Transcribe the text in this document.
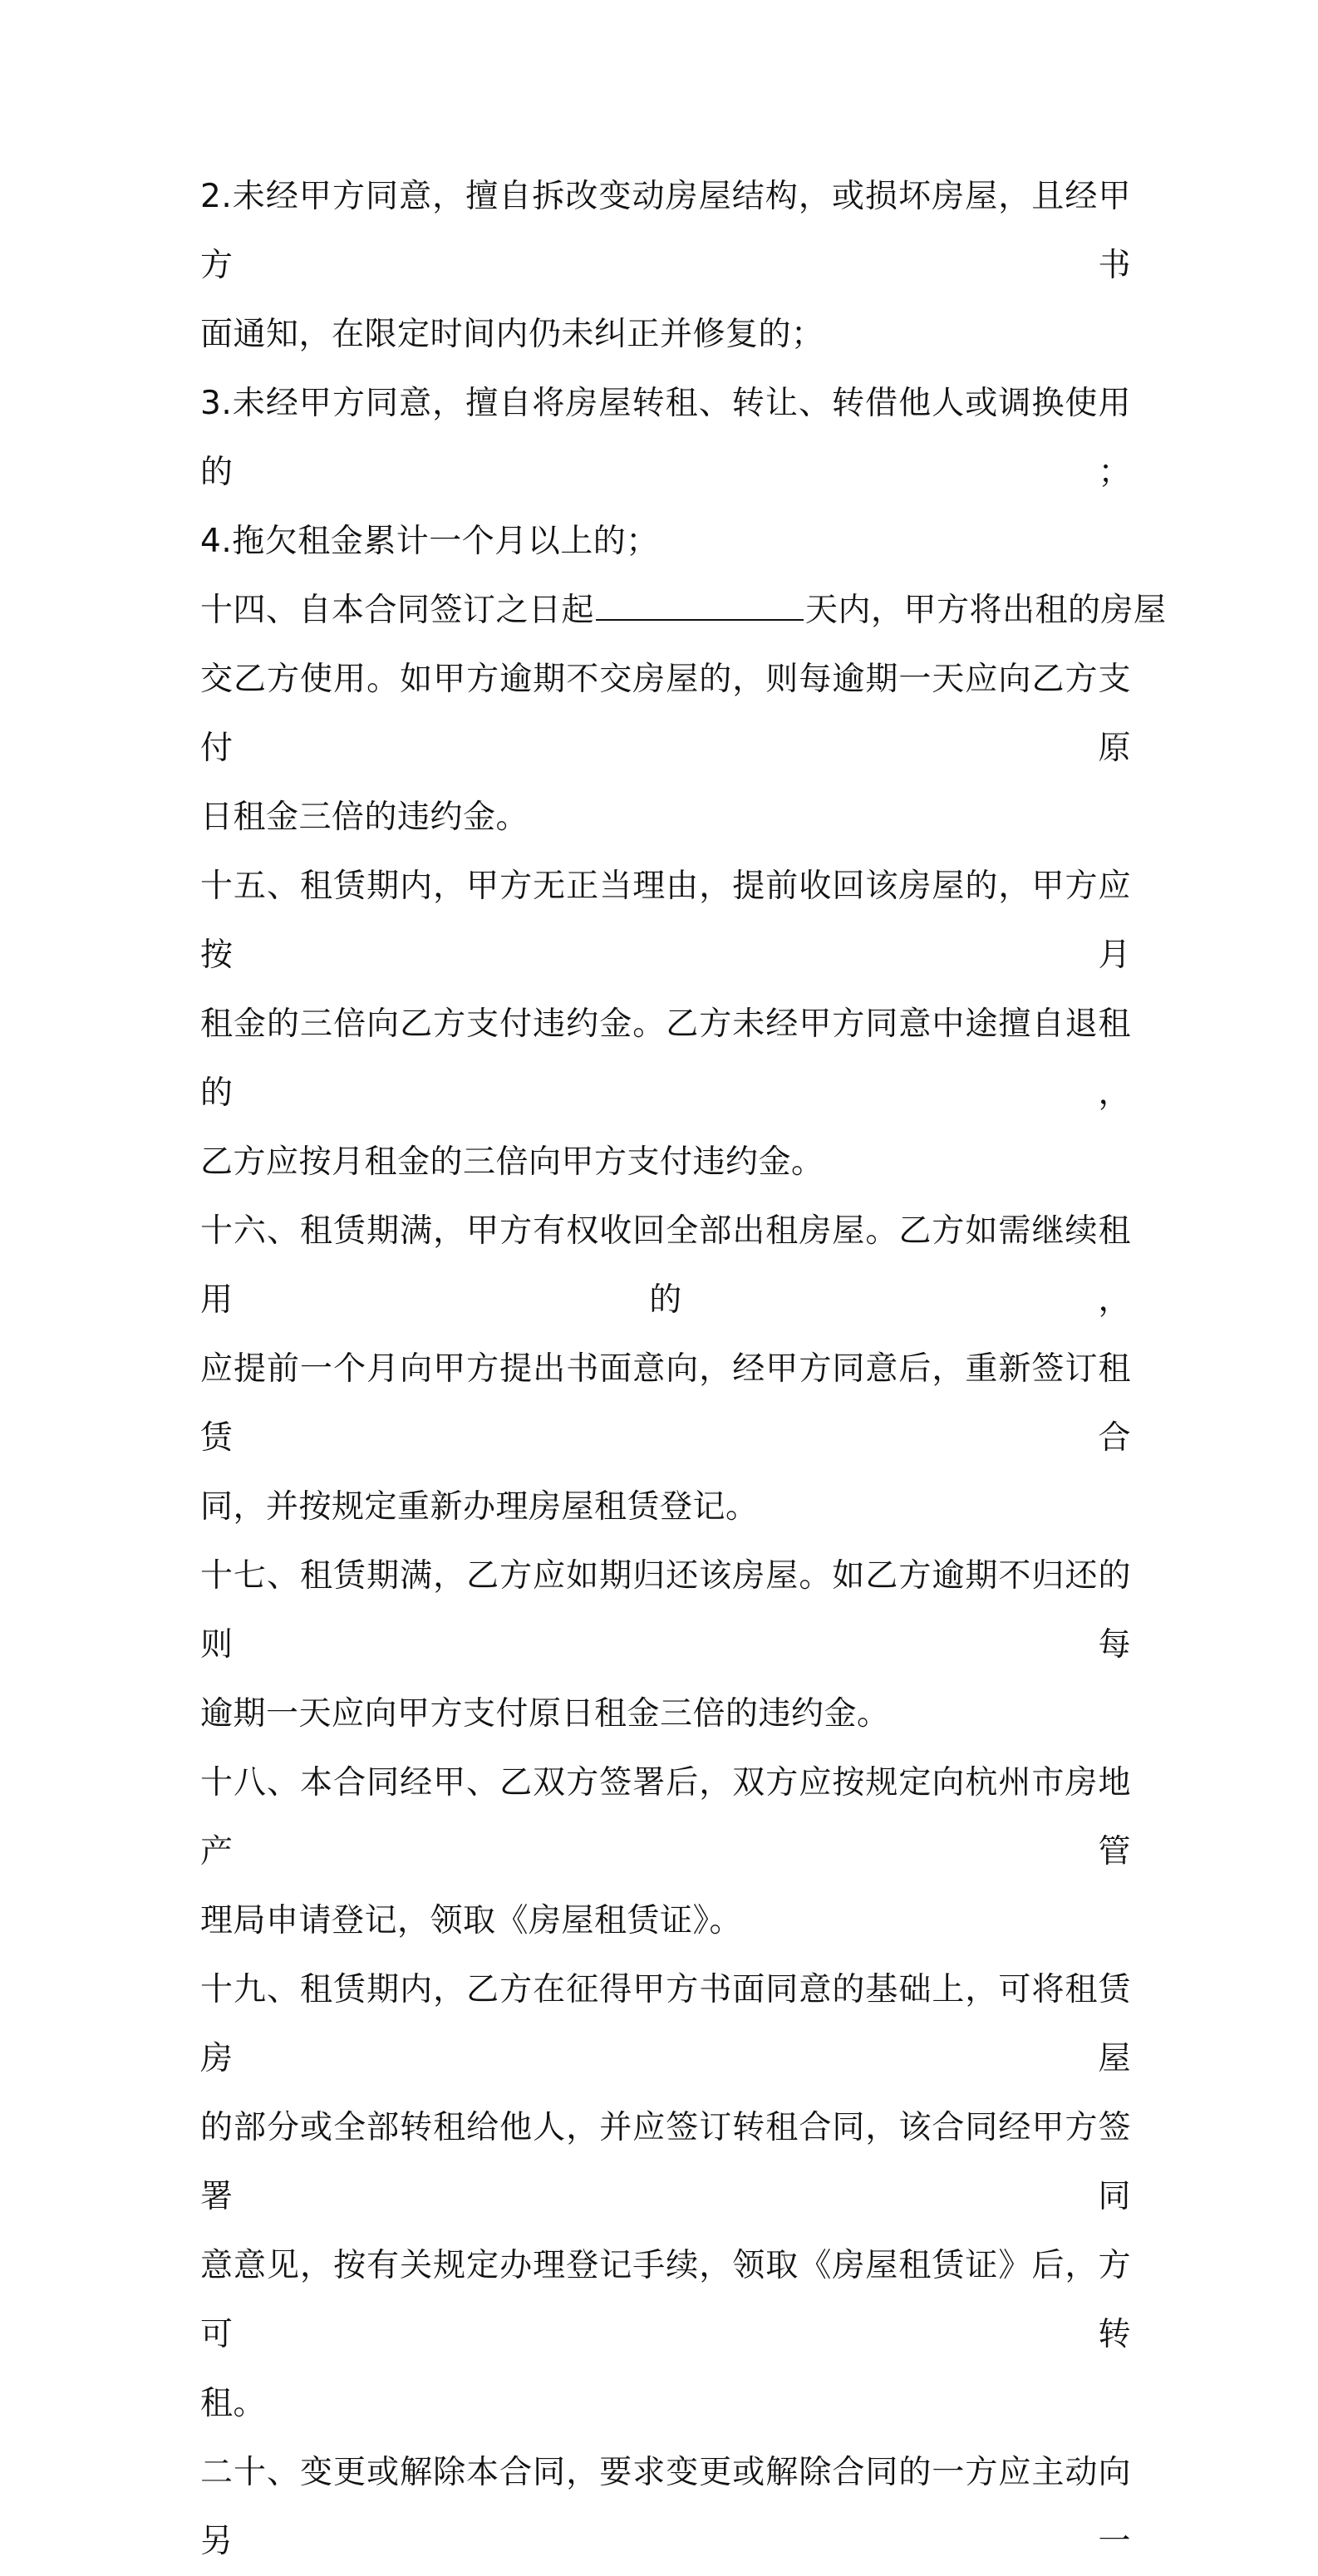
2.未经甲方同意，擅自拆改变动房屋结构，或损坏房屋，且经甲方书
面通知，在限定时间内仍未纠正并修复的；

3.未经甲方同意，擅自将房屋转租、转让、转借他人或调换使用的；

4.拖欠租金累计一个月以上的；

十四、自本合同签订之日起	天内，甲方将出租的房屋
交乙方使用。如甲方逾期不交房屋的，则每逾期一天应向乙方支付原
日租金三倍的违约金。

十五、租赁期内，甲方无正当理由，提前收回该房屋的，甲方应按月
租金的三倍向乙方支付违约金。乙方未经甲方同意中途擅自退租的，
乙方应按月租金的三倍向甲方支付违约金。

十六、租赁期满，甲方有权收回全部出租房屋。乙方如需继续租用的，
应提前一个月向甲方提出书面意向，经甲方同意后，重新签订租赁合
同，并按规定重新办理房屋租赁登记。

十七、租赁期满，乙方应如期归还该房屋。如乙方逾期不归还的则每
逾期一天应向甲方支付原日租金三倍的违约金。

十八、本合同经甲、乙双方签署后，双方应按规定向杭州市房地产管
理局申请登记，领取《房屋租赁证》。

十九、租赁期内，乙方在征得甲方书面同意的基础上，可将租赁房屋
的部分或全部转租给他人，并应签订转租合同，该合同经甲方签署同
意意见，按有关规定办理登记手续，领取《房屋租赁证》后，方可转
租。

二十、变更或解除本合同，要求变更或解除合同的一方应主动向另一
